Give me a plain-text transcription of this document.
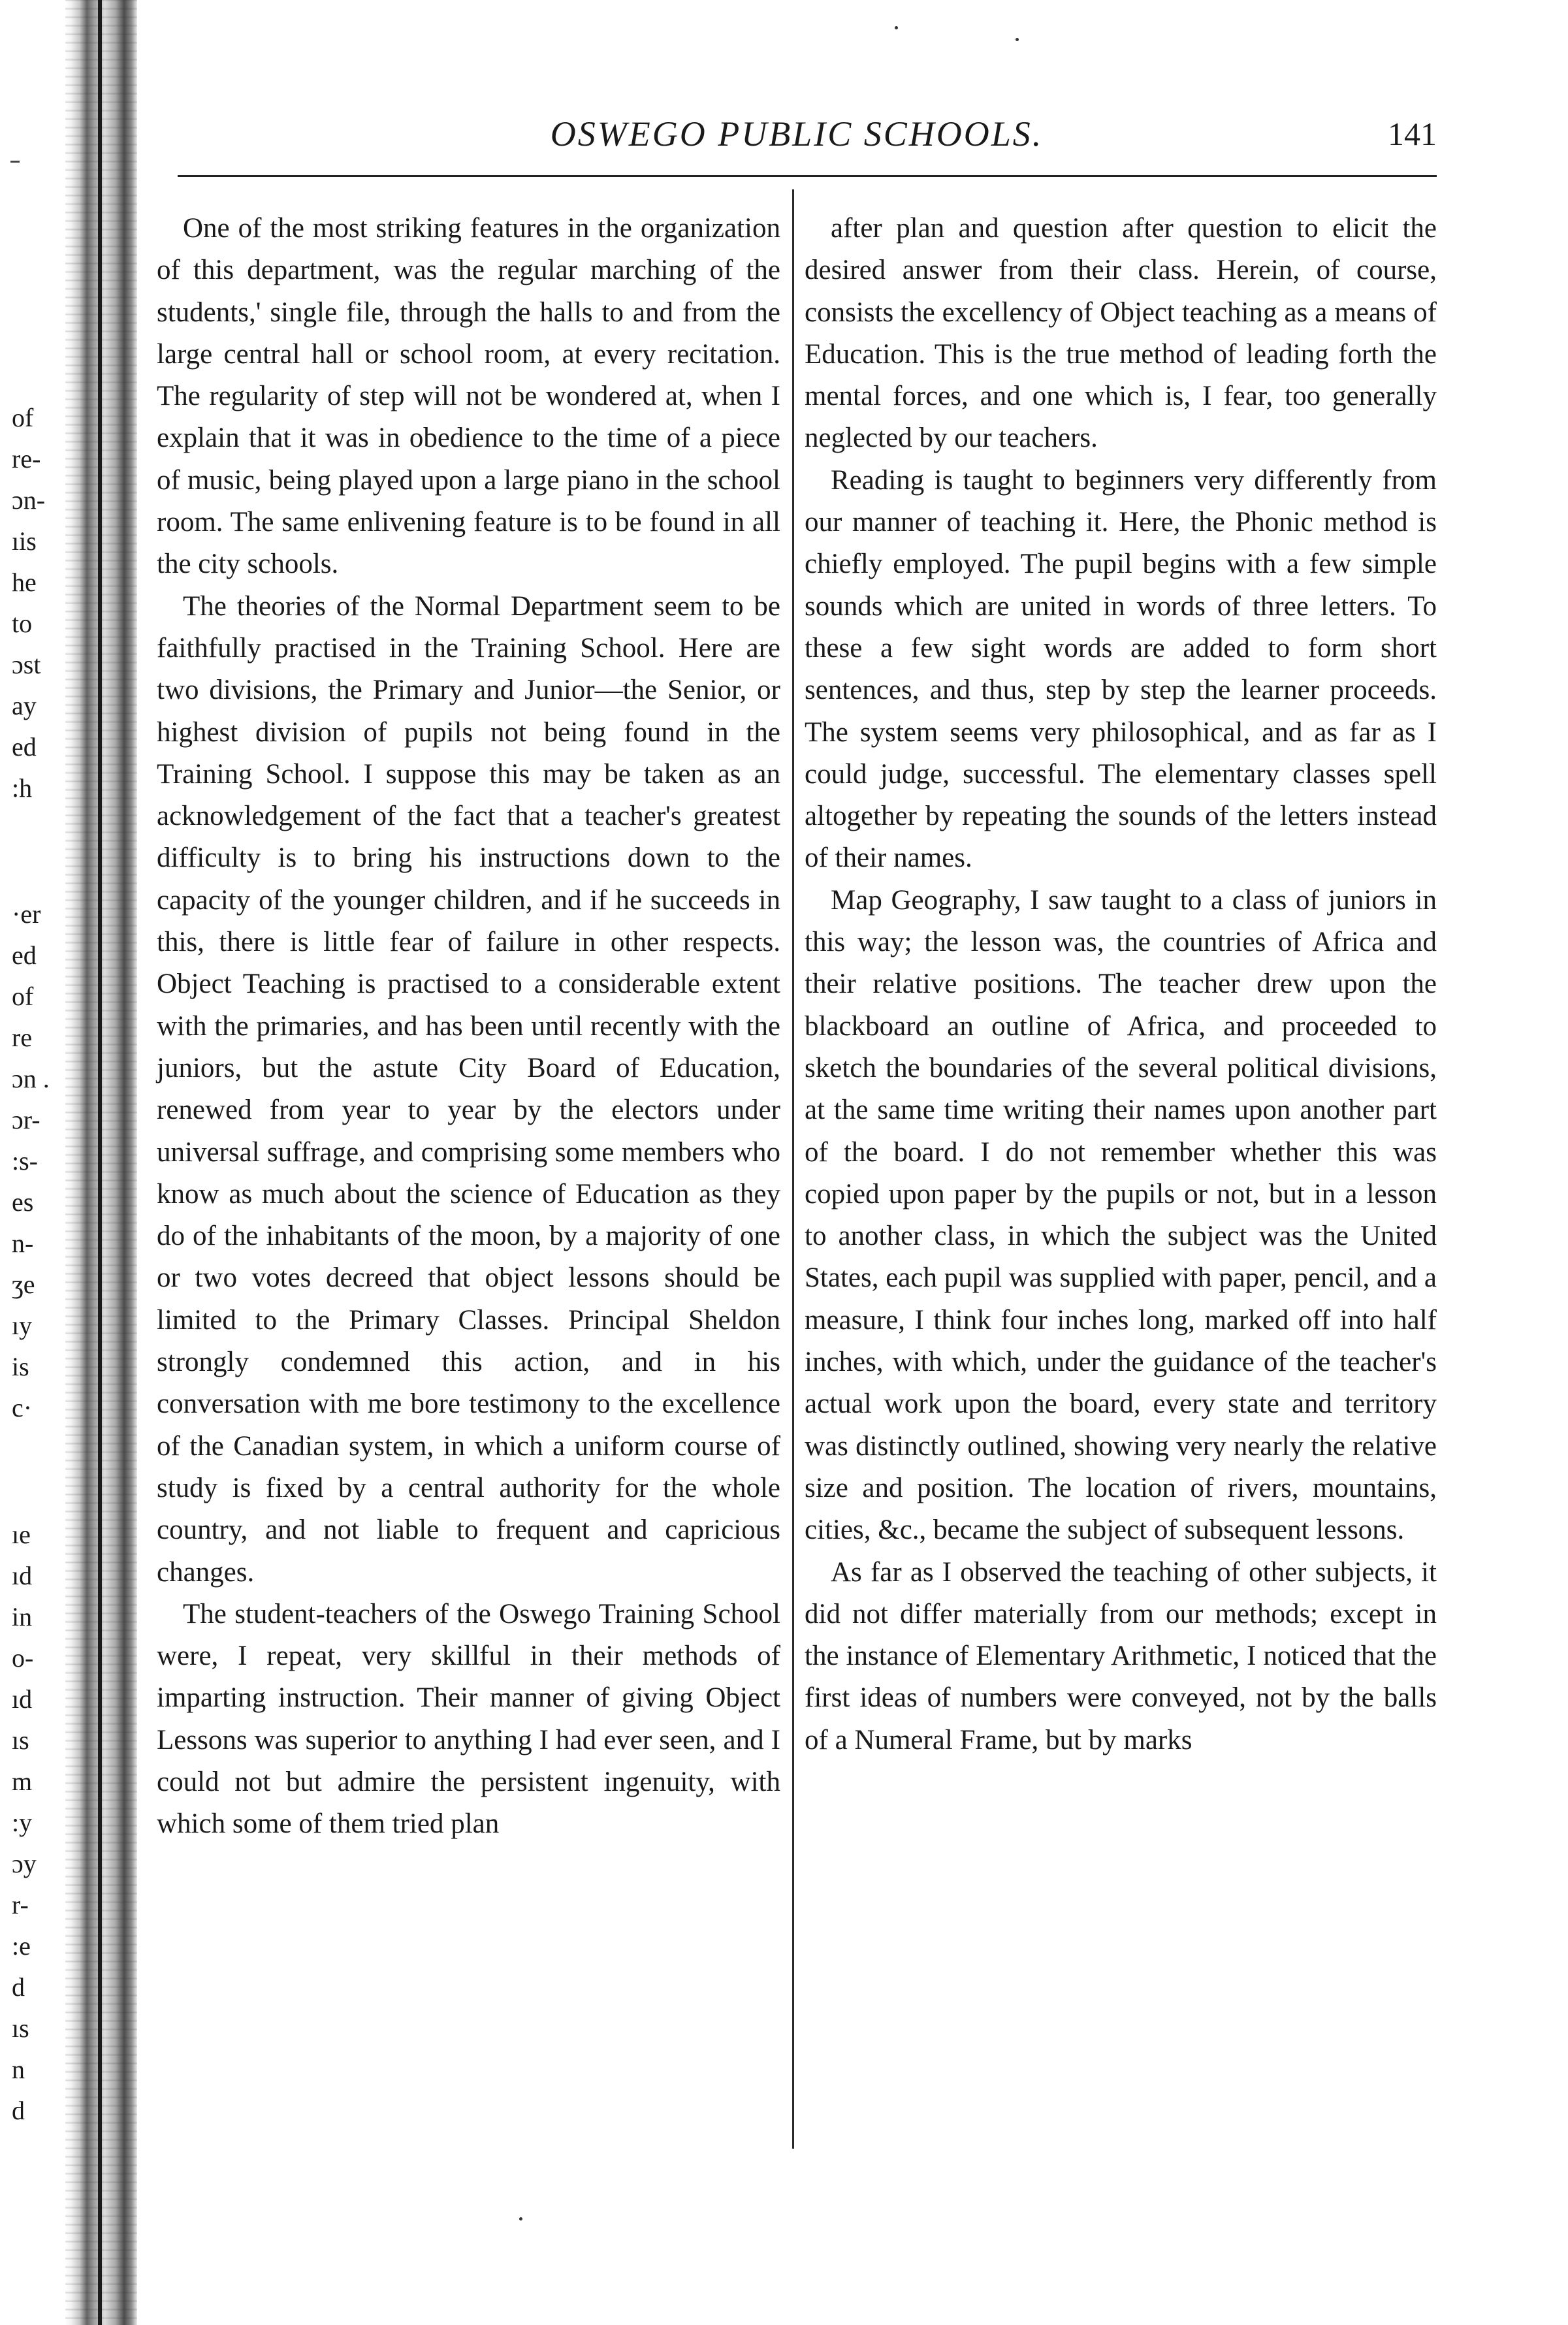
of
re-
ɔn-
ıis
he
to
ɔst
ay
ed
:h
·er
ed
of
re
ɔn .
ɔr-
:s-
es
n-
ʒe
ıy
is
c·
ıe
ıd
in
o-
ıd
ıs
m
:y
ɔy
r-
:e
d
ıs
n
d
OSWEGO PUBLIC SCHOOLS.	141

One of the most striking features in the organization of this department, was the regular marching of the students,' single file, through the halls to and from the large central hall or school room, at every recitation. The regularity of step will not be wondered at, when I explain that it was in obedience to the time of a piece of music, being played upon a large piano in the school room. The same enlivening feature is to be found in all the city schools.

The theories of the Normal Department seem to be faithfully practised in the Training School. Here are two divisions, the Primary and Junior—the Senior, or highest division of pupils not being found in the Training School. I suppose this may be taken as an acknowledgement of the fact that a teacher's greatest difficulty is to bring his instructions down to the capacity of the younger children, and if he succeeds in this, there is little fear of failure in other respects. Object Teaching is practised to a considerable extent with the primaries, and has been until recently with the juniors, but the astute City Board of Education, renewed from year to year by the electors under universal suffrage, and comprising some members who know as much about the science of Education as they do of the inhabitants of the moon, by a majority of one or two votes decreed that object lessons should be limited to the Primary Classes. Principal Sheldon strongly condemned this action, and in his conversation with me bore testimony to the excellence of the Canadian system, in which a uniform course of study is fixed by a central authority for the whole country, and not liable to frequent and capricious changes.

The student-teachers of the Oswego Training School were, I repeat, very skillful in their methods of imparting instruction. Their manner of giving Object Lessons was superior to anything I had ever seen, and I could not but admire the persistent ingenuity, with which some of them tried plan

after plan and question after question to elicit the desired answer from their class. Herein, of course, consists the excellency of Object teaching as a means of Education. This is the true method of leading forth the mental forces, and one which is, I fear, too generally neglected by our teachers.

Reading is taught to beginners very differently from our manner of teaching it. Here, the Phonic method is chiefly employed. The pupil begins with a few simple sounds which are united in words of three letters. To these a few sight words are added to form short sentences, and thus, step by step the learner proceeds. The system seems very philosophical, and as far as I could judge, successful. The elementary classes spell altogether by repeating the sounds of the letters instead of their names.

Map Geography, I saw taught to a class of juniors in this way; the lesson was, the countries of Africa and their relative positions. The teacher drew upon the blackboard an outline of Africa, and proceeded to sketch the boundaries of the several political divisions, at the same time writing their names upon another part of the board. I do not remember whether this was copied upon paper by the pupils or not, but in a lesson to another class, in which the subject was the United States, each pupil was supplied with paper, pencil, and a measure, I think four inches long, marked off into half inches, with which, under the guidance of the teacher's actual work upon the board, every state and territory was distinctly outlined, showing very nearly the relative size and position. The location of rivers, mountains, cities, &c., became the subject of subsequent lessons.

As far as I observed the teaching of other subjects, it did not differ materially from our methods; except in the instance of Elementary Arithmetic, I noticed that the first ideas of numbers were conveyed, not by the balls of a Numeral Frame, but by marks
